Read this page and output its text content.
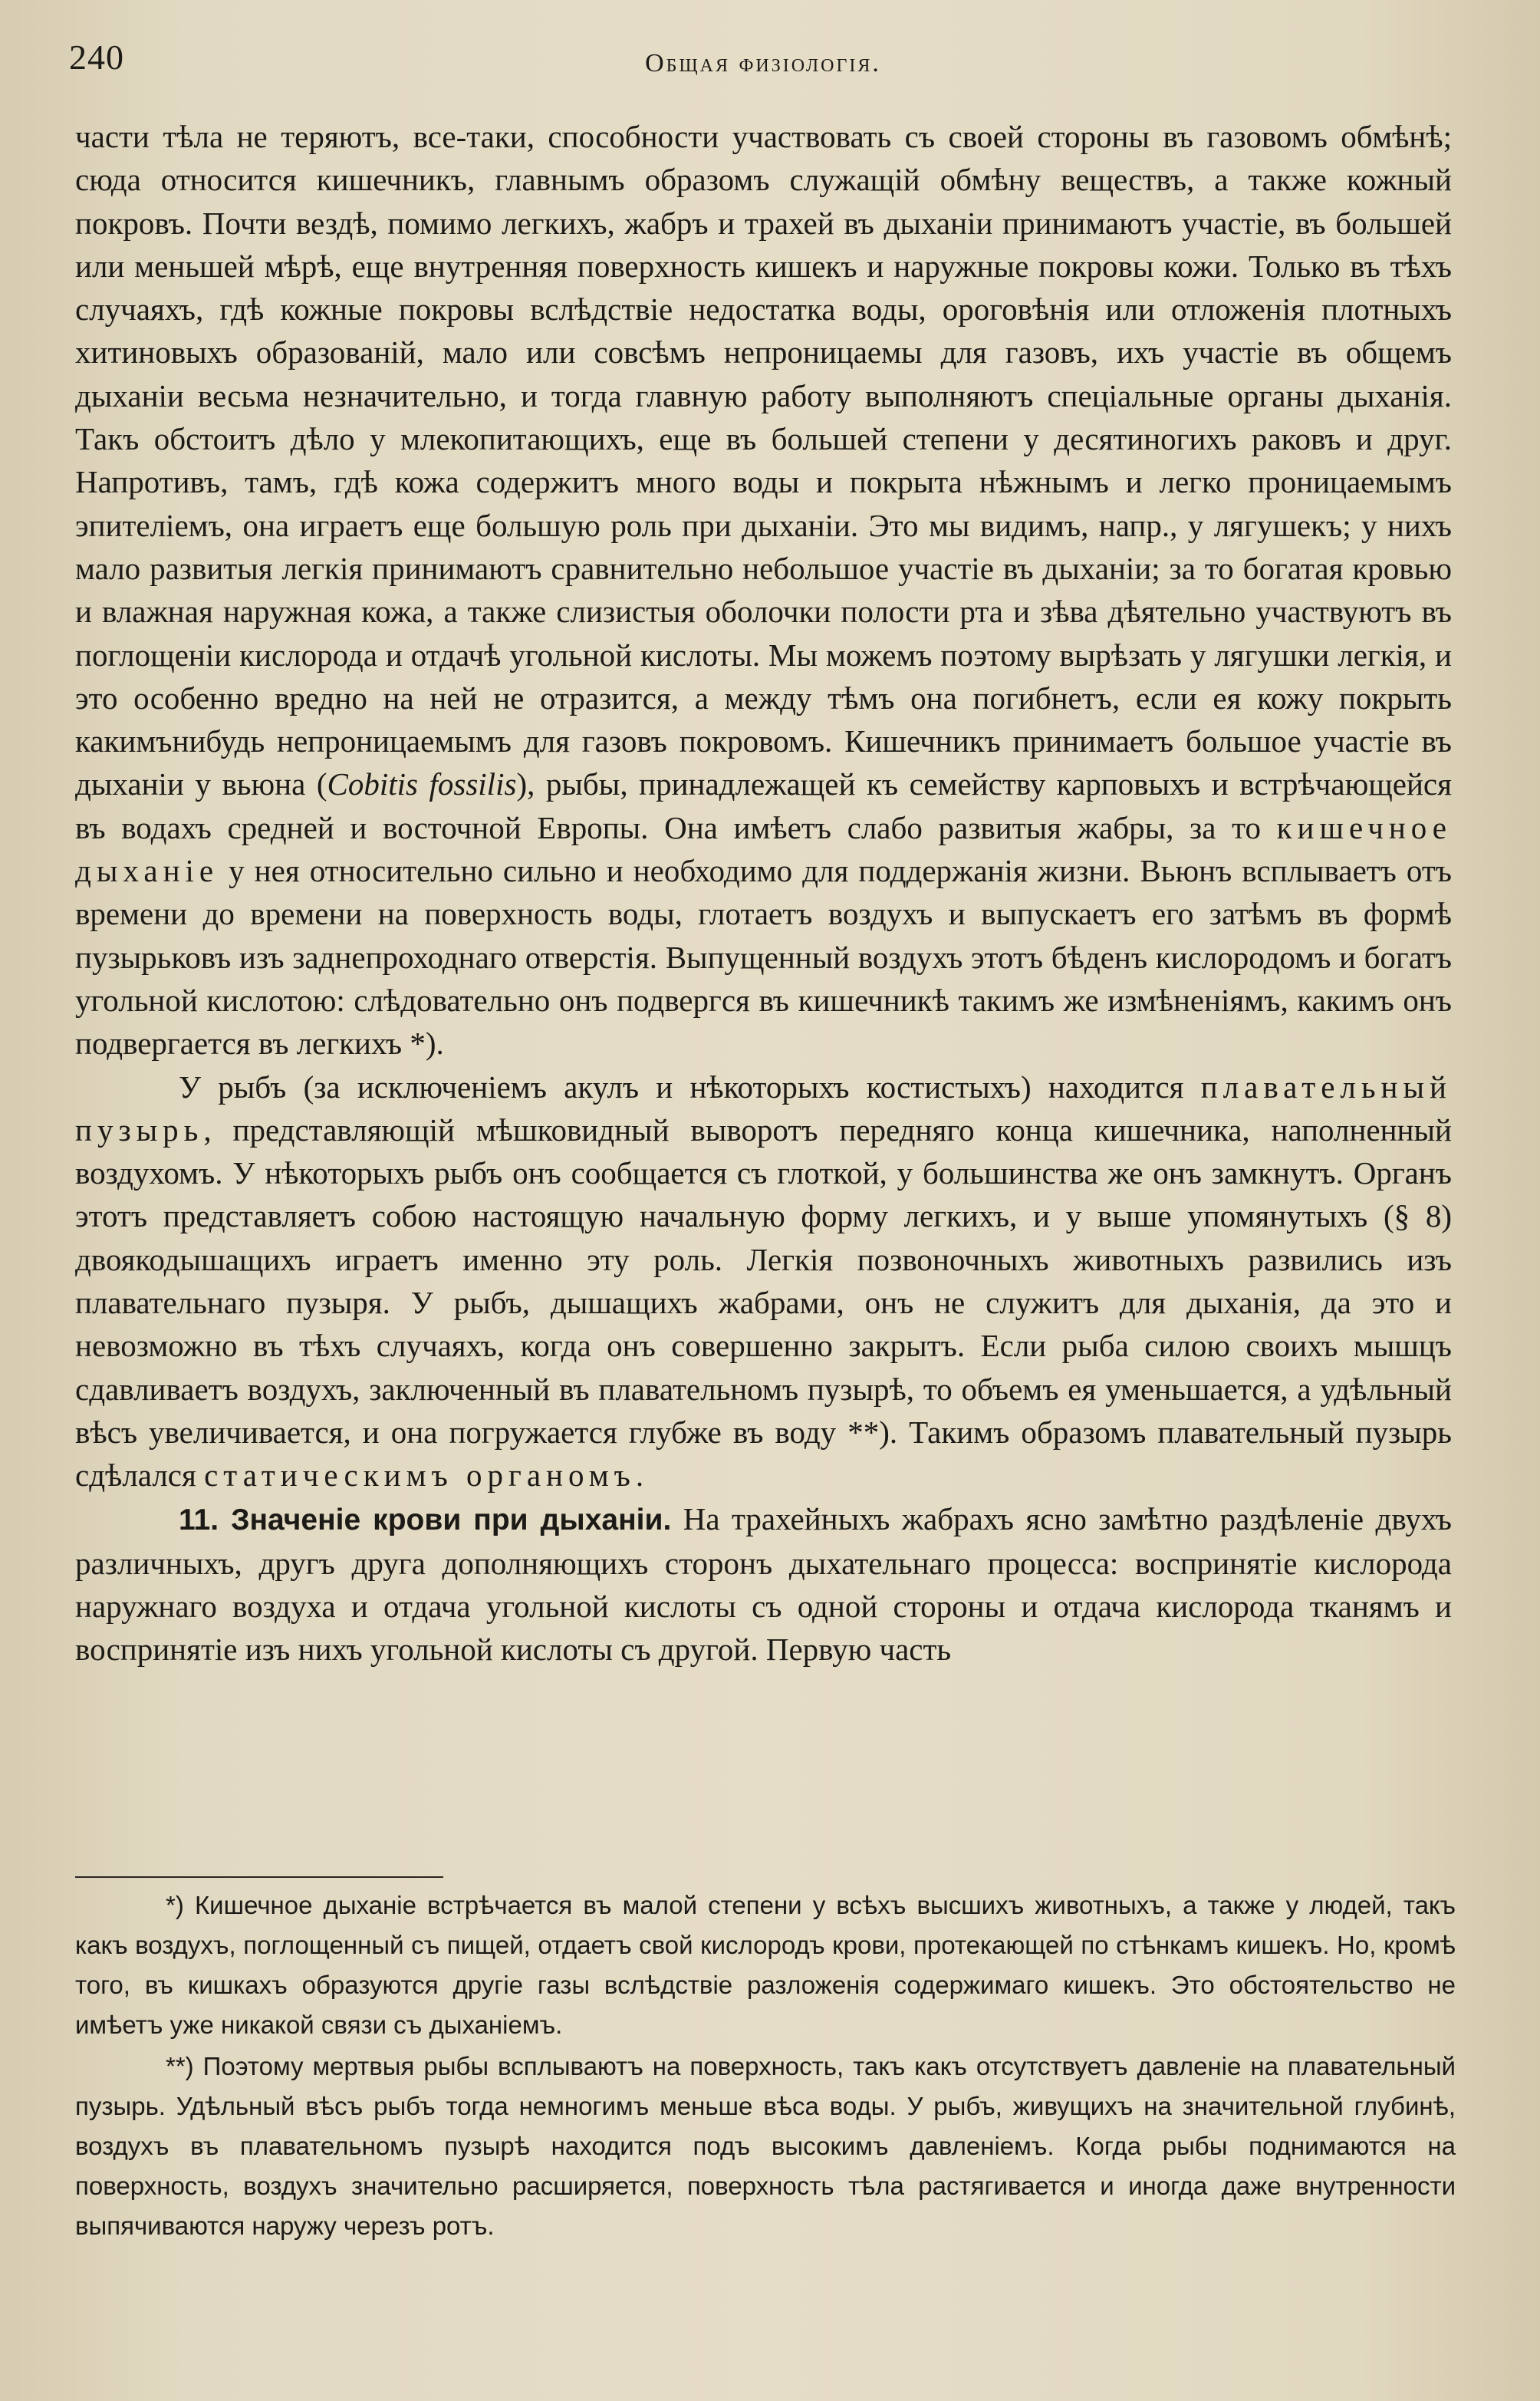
240	Общая физiологiя.

части тѣла не теряютъ, все-таки, способности участвовать съ своей стороны въ газовомъ обмѣнѣ; сюда относится кишечникъ, главнымъ образомъ служащiй обмѣну веществъ, а также кожный покровъ. Почти вездѣ, помимо легкихъ, жабръ и трахей въ дыханiи принимаютъ участiе, въ большей или меньшей мѣрѣ, еще внутренняя поверхность кишекъ и наружные покровы кожи. Только въ тѣхъ случаяхъ, гдѣ кожные покровы вслѣдствiе недостатка воды, ороговѣнiя или отложенiя плотныхъ хитиновыхъ образованiй, мало или совсѣмъ непроницаемы для газовъ, ихъ участiе въ общемъ дыханiи весьма незначительно, и тогда главную работу выполняютъ спецiальные органы дыханiя. Такъ обстоитъ дѣло у млекопитающихъ, еще въ большей степени у десятиногихъ раковъ и друг. Напротивъ, тамъ, гдѣ кожа содержитъ много воды и покрыта нѣжнымъ и легко проницаемымъ эпителiемъ, она играетъ еще большую роль при дыханiи. Это мы видимъ, напр., у лягушекъ; у нихъ мало развитыя легкiя принимаютъ сравнительно небольшое участiе въ дыханiи; за то богатая кровью и влажная наружная кожа, а также слизистыя оболочки полости рта и зѣва дѣятельно участвуютъ въ поглощенiи кислорода и отдачѣ угольной кислоты. Мы можемъ поэтому вырѣзать у лягушки легкiя, и это особенно вредно на ней не отразится, а между тѣмъ она погибнетъ, если ея кожу покрыть какимънибудь непроницаемымъ для газовъ покровомъ. Кишечникъ принимаетъ большое участiе въ дыханiи у вьюна (Cobitis fossilis), рыбы, принадлежащей къ семейству карповыхъ и встрѣчающейся въ водахъ средней и восточной Европы. Она имѣетъ слабо развитыя жабры, за то кишечное дыханiе у нея относительно сильно и необходимо для поддержанiя жизни. Вьюнъ всплываетъ отъ времени до времени на поверхность воды, глотаетъ воздухъ и выпускаетъ его затѣмъ въ формѣ пузырьковъ изъ заднепроходнаго отверстiя. Выпущенный воздухъ этотъ бѣденъ кислородомъ и богатъ угольной кислотою: слѣдовательно онъ подвергся въ кишечникѣ такимъ же измѣненiямъ, какимъ онъ подвергается въ легкихъ *).

У рыбъ (за исключенiемъ акулъ и нѣкоторыхъ костистыхъ) находится плавательный пузырь, представляющiй мѣшковидный выворотъ передняго конца кишечника, наполненный воздухомъ. У нѣкоторыхъ рыбъ онъ сообщается съ глоткой, у большинства же онъ замкнутъ. Органъ этотъ представляетъ собою настоящую начальную форму легкихъ, и у выше упомянутыхъ (§ 8) двоякодышащихъ играетъ именно эту роль. Легкiя позвоночныхъ животныхъ развились изъ плавательнаго пузыря. У рыбъ, дышащихъ жабрами, онъ не служитъ для дыханiя, да это и невозможно въ тѣхъ случаяхъ, когда онъ совершенно закрытъ. Если рыба силою своихъ мышцъ сдавливаетъ воздухъ, заключенный въ плавательномъ пузырѣ, то объемъ ея уменьшается, а удѣльный вѣсъ увеличивается, и она погружается глубже въ воду **). Такимъ образомъ плавательный пузырь сдѣлался статическимъ органомъ.

11. Значенiе крови при дыханiи. На трахейныхъ жабрахъ ясно замѣтно раздѣленiе двухъ различныхъ, другъ друга дополняющихъ сторонъ дыхательнаго процесса: воспринятiе кислорода наружнаго воздуха и отдача угольной кислоты съ одной стороны и отдача кислорода тканямъ и воспринятiе изъ нихъ угольной кислоты съ другой. Первую часть

*) Кишечное дыханiе встрѣчается въ малой степени у всѣхъ высшихъ животныхъ, а также у людей, такъ какъ воздухъ, поглощенный съ пищей, отдаетъ свой кислородъ крови, протекающей по стѣнкамъ кишекъ. Но, кромѣ того, въ кишкахъ образуются другiе газы вслѣдствiе разложенiя содержимаго кишекъ. Это обстоятельство не имѣетъ уже никакой связи съ дыханiемъ.

**) Поэтому мертвыя рыбы всплываютъ на поверхность, такъ какъ отсутствуетъ давленiе на плавательный пузырь. Удѣльный вѣсъ рыбъ тогда немногимъ меньше вѣса воды. У рыбъ, живущихъ на значительной глубинѣ, воздухъ въ плавательномъ пузырѣ находится подъ высокимъ давленiемъ. Когда рыбы поднимаются на поверхность, воздухъ значительно расширяется, поверхность тѣла растягивается и иногда даже внутренности выпячиваются наружу черезъ ротъ.
